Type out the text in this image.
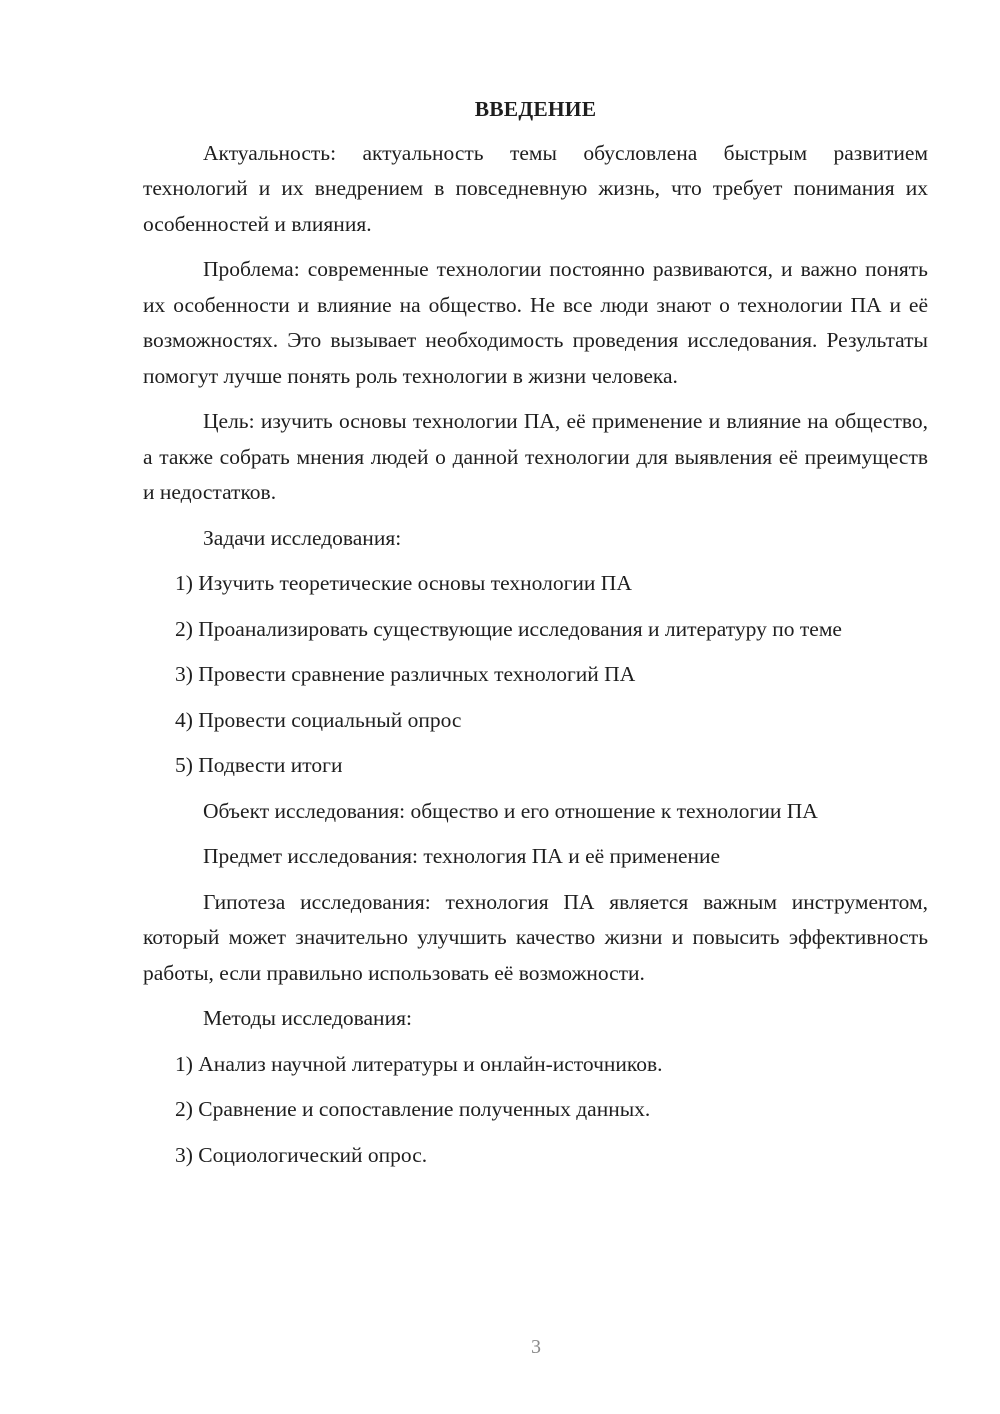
ВВЕДЕНИЕ

Актуальность: актуальность темы обусловлена быстрым развитием технологий и их внедрением в повседневную жизнь, что требует понимания их особенностей и влияния.

Проблема: современные технологии постоянно развиваются, и важно понять их особенности и влияние на общество. Не все люди знают о технологии ПА и её возможностях. Это вызывает необходимость проведения исследования. Результаты помогут лучше понять роль технологии в жизни человека.

Цель: изучить основы технологии ПА, её применение и влияние на общество, а также собрать мнения людей о данной технологии для выявления её преимуществ и недостатков.

Задачи исследования:

1) Изучить теоретические основы технологии ПА

2) Проанализировать существующие исследования и литературу по теме

3) Провести сравнение различных технологий ПА

4) Провести социальный опрос

5) Подвести итоги

Объект исследования: общество и его отношение к технологии ПА

Предмет исследования: технология ПА и её применение

Гипотеза исследования: технология ПА является важным инструментом, который может значительно улучшить качество жизни и повысить эффективность работы, если правильно использовать её возможности.

Методы исследования:

1) Анализ научной литературы и онлайн-источников.

2) Сравнение и сопоставление полученных данных.

3) Социологический опрос.

3
